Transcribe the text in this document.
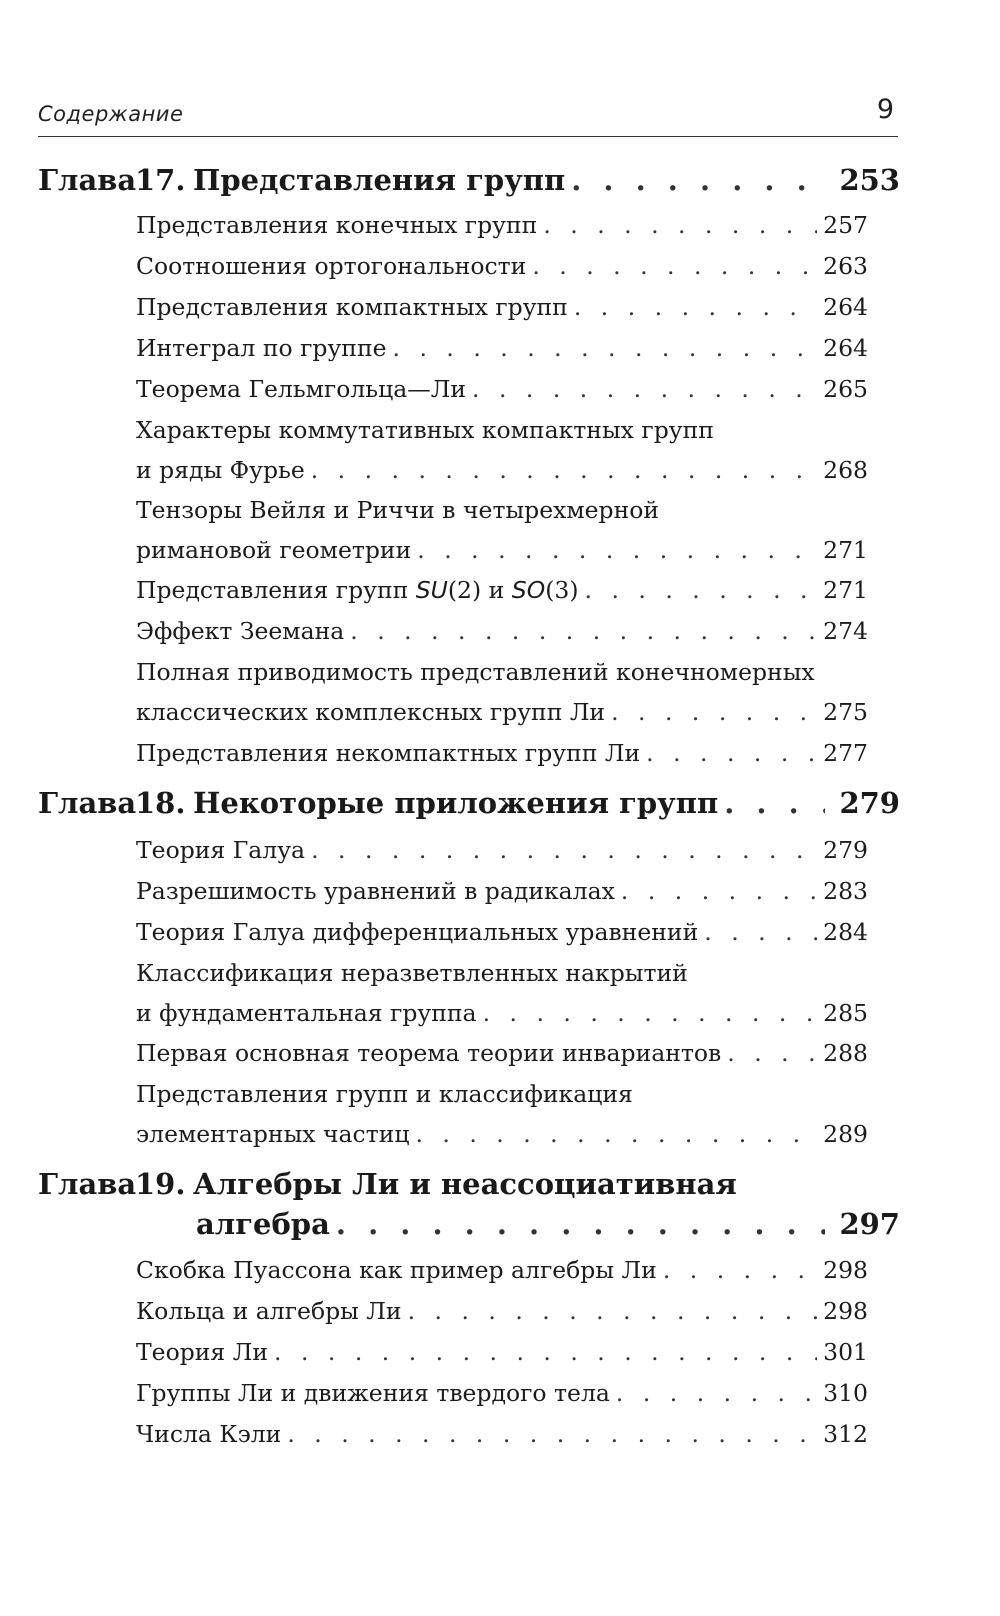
Содержание	9
Глава
17. Представления групп . . .	253
Представления конечных групп . . .	257
Соотношения ортогональности . . .	263
Представления компактных групп . . .	264
Интеграл по группе . . .	264
Теорема Гельмгольца—Ли . . .	265
Характеры коммутативных компактных групп
и ряды Фурье . . .	268
Тензоры Вейля и Риччи в четырехмерной
римановой геометрии . . .	271
Представления групп SU(2) и SO(3) . . .	271
Эффект Зеемана . . .	274
Полная приводимость представлений конечномерных
классических комплексных групп Ли . . .	275
Представления некомпактных групп Ли . . .	277
Глава
18. Некоторые приложения групп . . .	279
Теория Галуа . . .	279
Разрешимость уравнений в радикалах . . .	283
Теория Галуа дифференциальных уравнений . . .	284
Классификация неразветвленных накрытий
и фундаментальная группа . . .	285
Первая основная теорема теории инвариантов . . .	288
Представления групп и классификация
элементарных частиц . . .	289
Глава
19. Алгебры Ли и неассоциативная
алгебра . . .	297
Скобка Пуассона как пример алгебры Ли . . .	298
Кольца и алгебры Ли . . .	298
Теория Ли . . .	301
Группы Ли и движения твердого тела . . .	310
Числа Кэли . . .	312
